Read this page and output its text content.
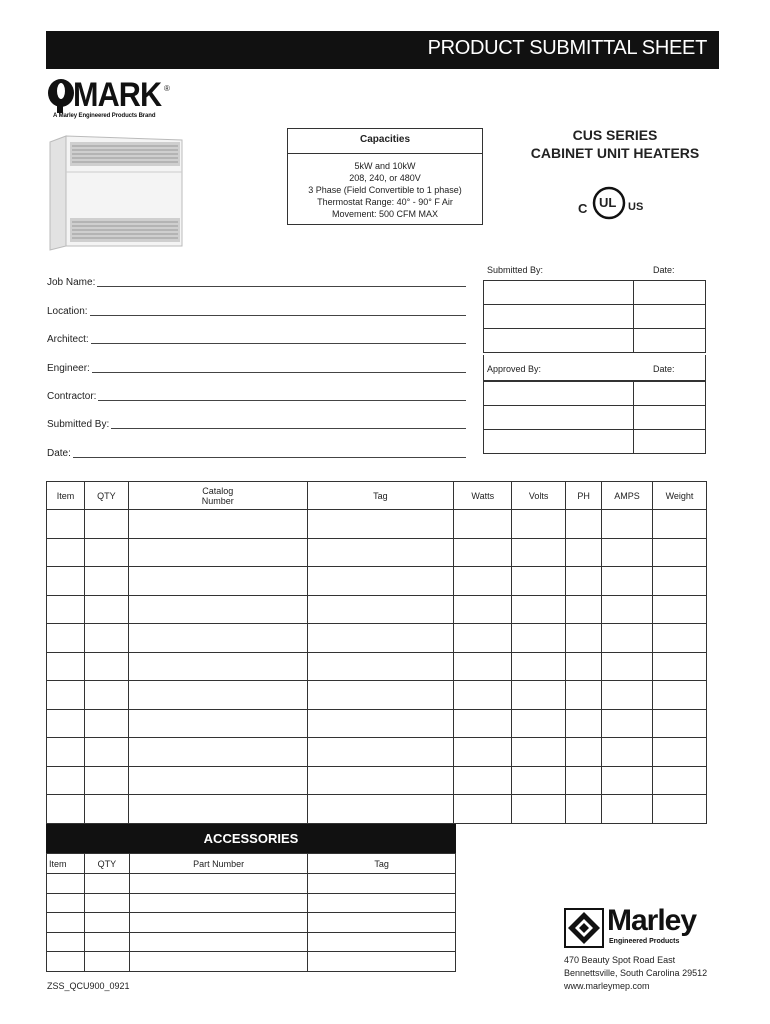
PRODUCT SUBMITTAL SHEET
MARK ®
A Marley Engineered Products Brand
Capacities
5kW and 10kW
208, 240, or 480V
3 Phase (Field Convertible to 1 phase)
Thermostat Range: 40° - 90° F Air
Movement: 500 CFM MAX
CUS SERIES
CABINET UNIT HEATERS
C UL US
Job Name:
Location:
Architect:
Engineer:
Contractor:
Submitted By:
Date:
Submitted By:	Date:

Approved By:	Date:

Item	QTY	Catalog Number	Tag	Watts	Volts	PH	AMPS	Weight

ACCESSORIES
Item	QTY	Part Number	Tag

ZSS_QCU900_0921
Marley
Engineered Products
470 Beauty Spot Road East
Bennettsville, South Carolina 29512
www.marleymep.com
